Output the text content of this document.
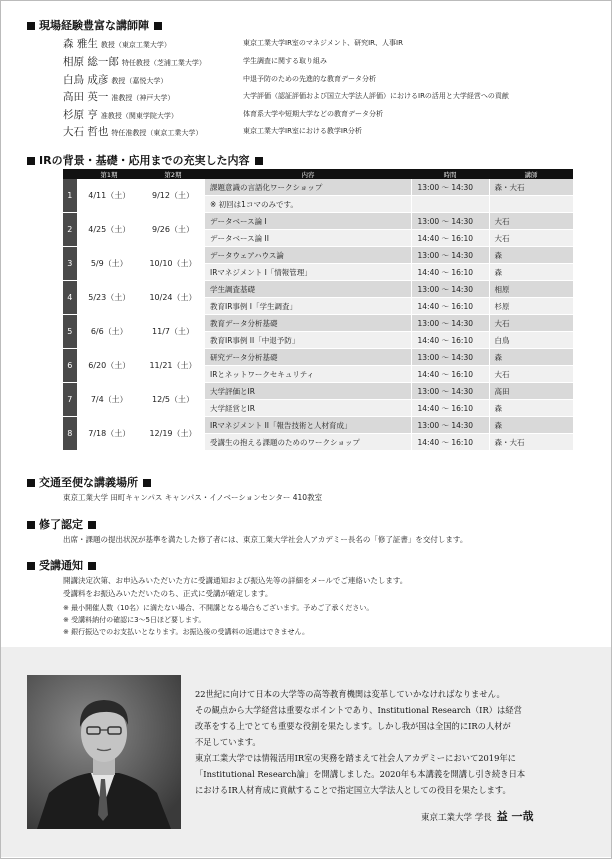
現場経験豊富な講師陣
森 雅生 教授（東京工業大学）	東京工業大学IR室のマネジメント、研究IR、人事IR
相原 総一郎 特任教授（芝浦工業大学）	学生調査に関する取り組み
白鳥 成彦 教授（嘉悦大学）	中退予防のための先進的な教育データ分析
高田 英一 准教授（神戸大学）	大学評価（認証評価および国立大学法人評価）におけるIRの活用と大学経営への貢献
杉原 亨 准教授（関東学院大学）	体育系大学や短期大学などの教育データ分析
大石 哲也 特任准教授（東京工業大学）	東京工業大学IR室における教学IR分析
IRの背景・基礎・応用までの充実した内容
	第1期	第2期	内容	時間	講師
1	4/11（土）	9/12（土）	課題意識の言語化ワークショップ	13:00 ～ 14:30	森・大石
			※ 初回は1コマのみです。		
2	4/25（土）	9/26（土）	データベース論 I	13:00 ～ 14:30	大石
			データベース論 II	14:40 ～ 16:10	大石
3	5/9（土）	10/10（土）	データウェアハウス論	13:00 ～ 14:30	森
			IRマネジメント I「情報管理」	14:40 ～ 16:10	森
4	5/23（土）	10/24（土）	学生調査基礎	13:00 ～ 14:30	相原
			教育IR事例 I「学生調査」	14:40 ～ 16:10	杉原
5	6/6（土）	11/7（土）	教育データ分析基礎	13:00 ～ 14:30	大石
			教育IR事例 II「中退予防」	14:40 ～ 16:10	白鳥
6	6/20（土）	11/21（土）	研究データ分析基礎	13:00 ～ 14:30	森
			IRとネットワークセキュリティ	14:40 ～ 16:10	大石
7	7/4（土）	12/5（土）	大学評価とIR	13:00 ～ 14:30	高田
			大学経営とIR	14:40 ～ 16:10	森
8	7/18（土）	12/19（土）	IRマネジメント II「報告技術と人材育成」	13:00 ～ 14:30	森
			受講生の抱える課題のためのワークショップ	14:40 ～ 16:10	森・大石
交通至便な講義場所
東京工業大学 田町キャンパス キャンパス・イノベーションセンター 410教室
修了認定
出席・課題の提出状況が基準を満たした修了者には、東京工業大学社会人アカデミー長名の「修了証書」を交付します。
受講通知
開講決定次第、お申込みいただいた方に受講通知および振込先等の詳細をメールでご連絡いたします。
受講料をお振込みいただいたのち、正式に受講が確定します。
※ 最小開催人数（10名）に満たない場合、不開講となる場合もございます。予めご了承ください。
※ 受講料納付の確認に3～5日ほど要します。
※ 銀行振込でのお支払いとなります。お振込後の受講料の返還はできません。
22世紀に向けて日本の大学等の高等教育機関は変革していかなければなりません。
その観点から大学経営は重要なポイントであり、Institutional Research（IR）は経営
改革をする上でとても重要な役割を果たします。しかし我が国は全国的にIRの人材が
不足しています。
東京工業大学では情報活用IR室の実務を踏まえて社会人アカデミーにおいて2019年に
「Institutional Research論」を開講しました。2020年も本講義を開講し引き続き日本
におけるIR人材育成に貢献することで指定国立大学法人としての役目を果たします。
東京工業大学 学長 益 一哉
